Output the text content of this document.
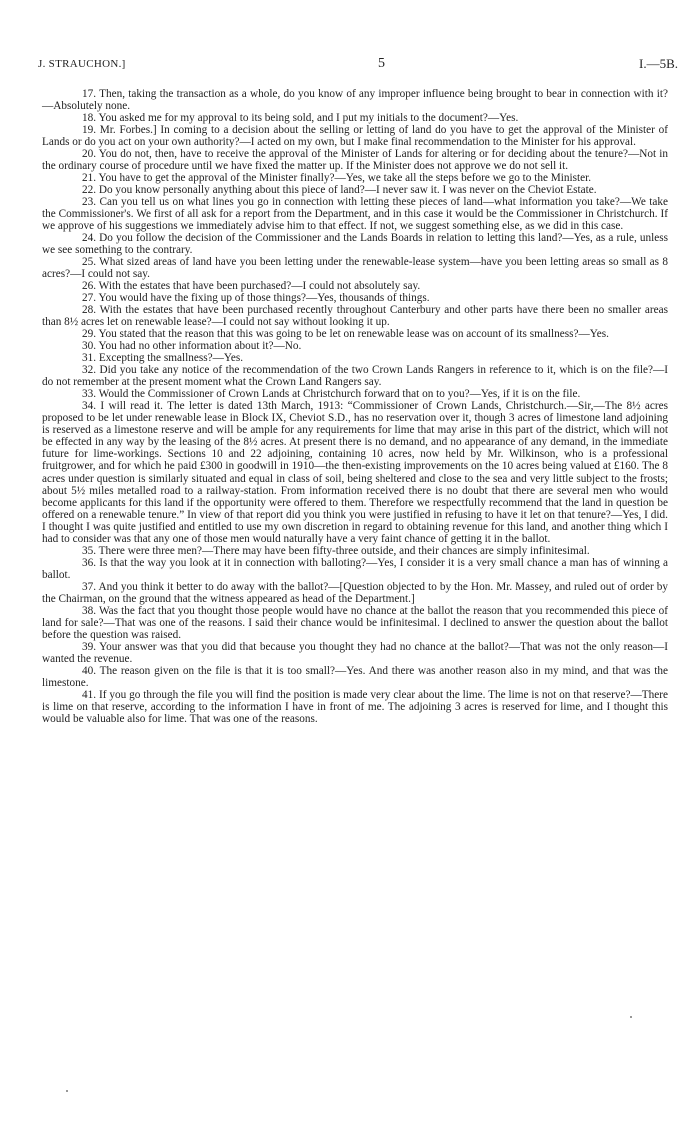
J. STRAUCHON.]	5	I.—5B.

17. Then, taking the transaction as a whole, do you know of any improper influence being brought to bear in connection with it?—Absolutely none.

18. You asked me for my approval to its being sold, and I put my initials to the document?—Yes.

19. Mr. Forbes.] In coming to a decision about the selling or letting of land do you have to get the approval of the Minister of Lands or do you act on your own authority?—I acted on my own, but I make final recommendation to the Minister for his approval.

20. You do not, then, have to receive the approval of the Minister of Lands for altering or for deciding about the tenure?—Not in the ordinary course of procedure until we have fixed the matter up. If the Minister does not approve we do not sell it.

21. You have to get the approval of the Minister finally?—Yes, we take all the steps before we go to the Minister.

22. Do you know personally anything about this piece of land?—I never saw it. I was never on the Cheviot Estate.

23. Can you tell us on what lines you go in connection with letting these pieces of land—what information you take?—We take the Commissioner's. We first of all ask for a report from the Department, and in this case it would be the Commissioner in Christchurch. If we approve of his suggestions we immediately advise him to that effect. If not, we suggest something else, as we did in this case.

24. Do you follow the decision of the Commissioner and the Lands Boards in relation to letting this land?—Yes, as a rule, unless we see something to the contrary.

25. What sized areas of land have you been letting under the renewable-lease system—have you been letting areas so small as 8 acres?—I could not say.

26. With the estates that have been purchased?—I could not absolutely say.

27. You would have the fixing up of those things?—Yes, thousands of things.

28. With the estates that have been purchased recently throughout Canterbury and other parts have there been no smaller areas than 8½ acres let on renewable lease?—I could not say without looking it up.

29. You stated that the reason that this was going to be let on renewable lease was on account of its smallness?—Yes.

30. You had no other information about it?—No.

31. Excepting the smallness?—Yes.

32. Did you take any notice of the recommendation of the two Crown Lands Rangers in reference to it, which is on the file?—I do not remember at the present moment what the Crown Land Rangers say.

33. Would the Commissioner of Crown Lands at Christchurch forward that on to you?—Yes, if it is on the file.

34. I will read it. The letter is dated 13th March, 1913: “Commissioner of Crown Lands, Christchurch.—Sir,—The 8½ acres proposed to be let under renewable lease in Block IX, Cheviot S.D., has no reservation over it, though 3 acres of limestone land adjoining is reserved as a limestone reserve and will be ample for any requirements for lime that may arise in this part of the district, which will not be effected in any way by the leasing of the 8½ acres. At present there is no demand, and no appearance of any demand, in the immediate future for lime-workings. Sections 10 and 22 adjoining, containing 10 acres, now held by Mr. Wilkinson, who is a professional fruitgrower, and for which he paid £300 in goodwill in 1910—the then-existing improvements on the 10 acres being valued at £160. The 8 acres under question is similarly situated and equal in class of soil, being sheltered and close to the sea and very little subject to the frosts; about 5½ miles metalled road to a railway-station. From information received there is no doubt that there are several men who would become applicants for this land if the opportunity were offered to them. Therefore we respectfully recommend that the land in question be offered on a renewable tenure.” In view of that report did you think you were justified in refusing to have it let on that tenure?—Yes, I did. I thought I was quite justified and entitled to use my own discretion in regard to obtaining revenue for this land, and another thing which I had to consider was that any one of those men would naturally have a very faint chance of getting it in the ballot.

35. There were three men?—There may have been fifty-three outside, and their chances are simply infinitesimal.

36. Is that the way you look at it in connection with balloting?—Yes, I consider it is a very small chance a man has of winning a ballot.

37. And you think it better to do away with the ballot?—[Question objected to by the Hon. Mr. Massey, and ruled out of order by the Chairman, on the ground that the witness appeared as head of the Department.]

38. Was the fact that you thought those people would have no chance at the ballot the reason that you recommended this piece of land for sale?—That was one of the reasons. I said their chance would be infinitesimal. I declined to answer the question about the ballot before the question was raised.

39. Your answer was that you did that because you thought they had no chance at the ballot?—That was not the only reason—I wanted the revenue.

40. The reason given on the file is that it is too small?—Yes. And there was another reason also in my mind, and that was the limestone.

41. If you go through the file you will find the position is made very clear about the lime. The lime is not on that reserve?—There is lime on that reserve, according to the information I have in front of me. The adjoining 3 acres is reserved for lime, and I thought this would be valuable also for lime. That was one of the reasons.
